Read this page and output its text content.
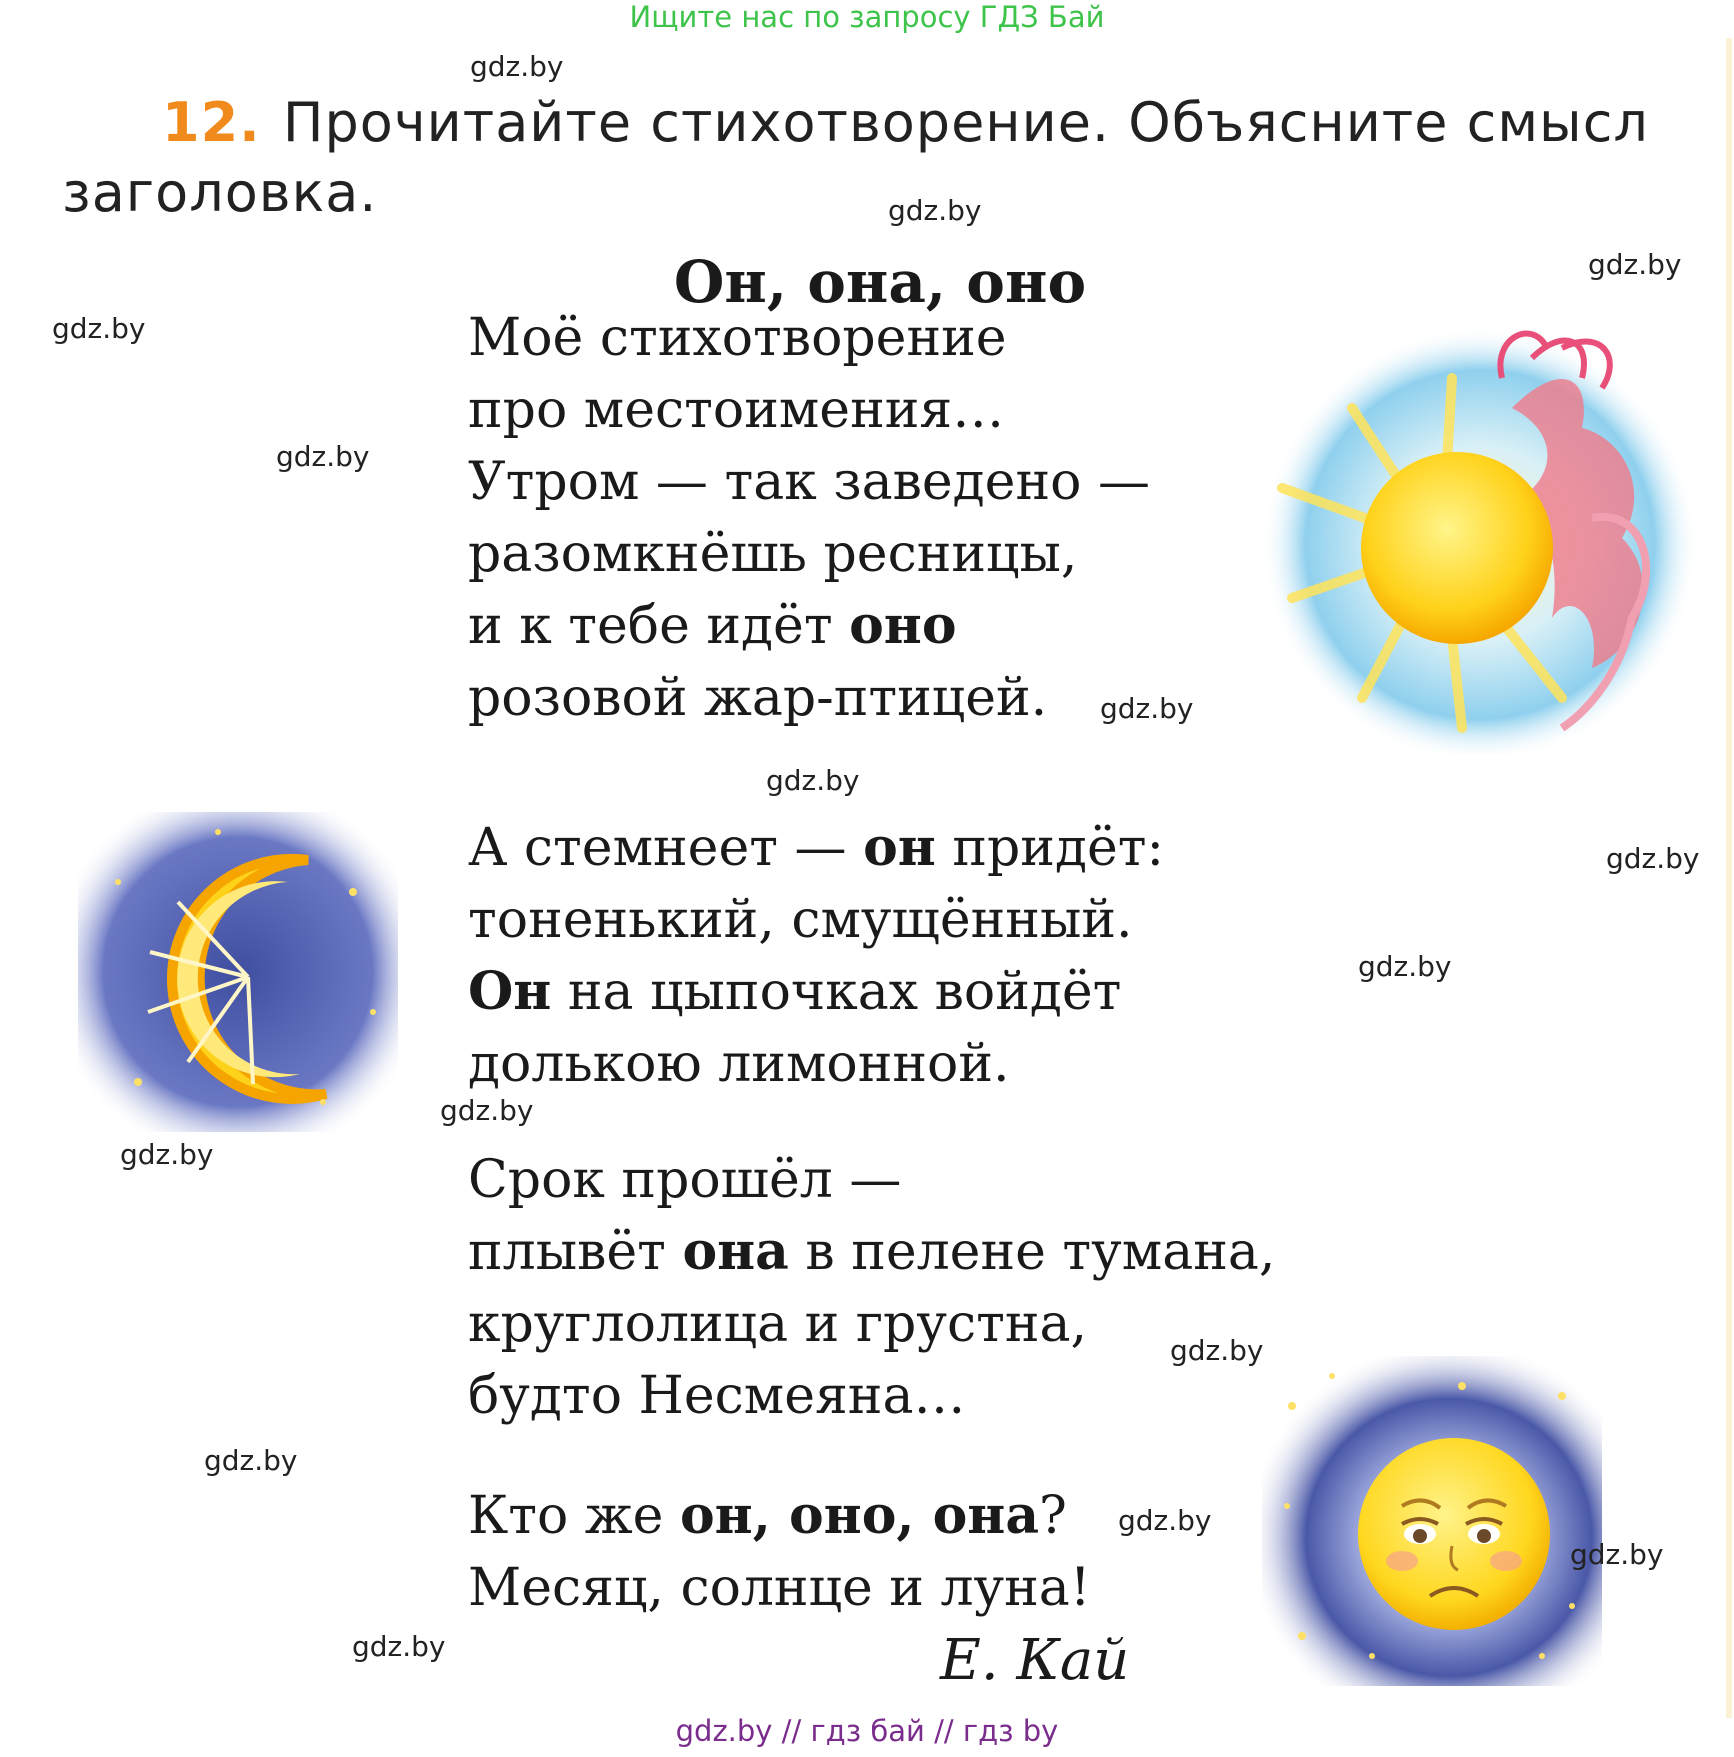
Ищите нас по запросу ГДЗ Бай
12. Прочитайте стихотворение. Объясните смысл заголовка.
Он, она, оно
Моё стихотворение
про местоимения…
Утром — так заведено —
разомкнёшь ресницы,
и к тебе идёт оно
розовой жар-птицей.
А стемнеет — он придёт:
тоненький, смущённый.
Он на цыпочках войдёт
долькою лимонной.
Срок прошёл —
плывёт она в пелене тумана,
круглолица и грустна,
будто Несмеяна…
Кто же он, оно, она?
Месяц, солнце и луна!
Е. Кай
gdz.by
gdz.by
gdz.by
gdz.by
gdz.by
gdz.by
gdz.by
gdz.by
gdz.by
gdz.by
gdz.by
gdz.by
gdz.by
gdz.by
gdz.by
gdz.by
gdz.by // гдз бай // гдз by
